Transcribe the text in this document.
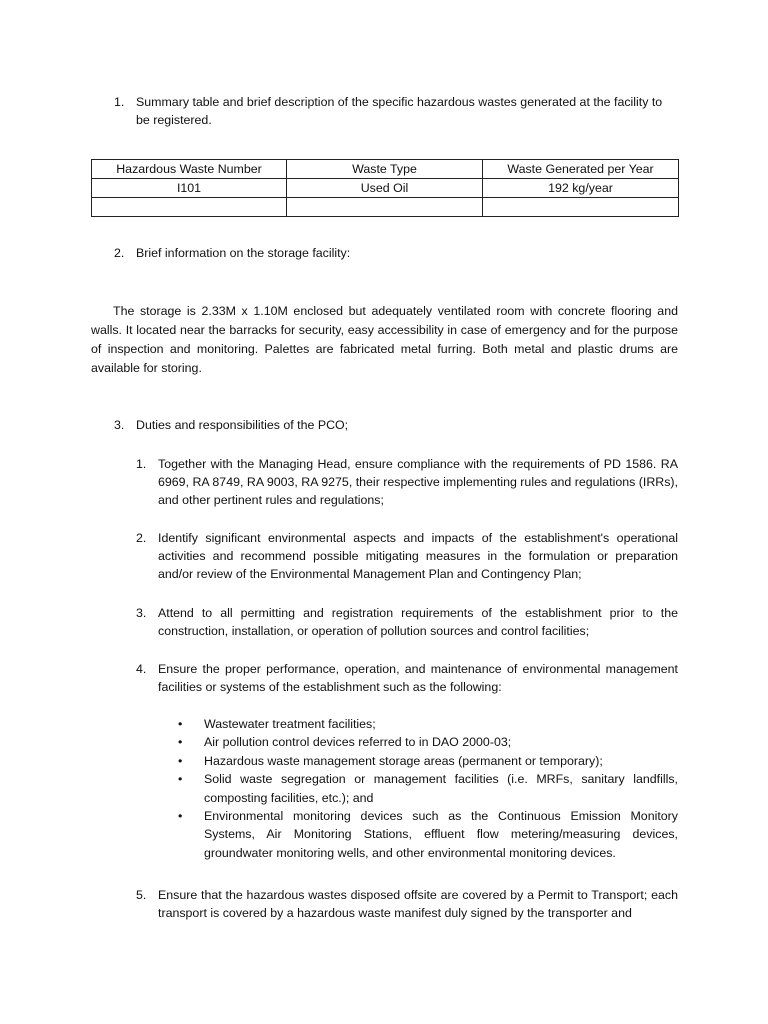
1. Summary table and brief description of the specific hazardous wastes generated at the facility to be registered.
Hazardous Waste Number	Waste Type	Waste Generated per Year
I101	Used Oil	192 kg/year

2. Brief information on the storage facility:
The storage is 2.33M x 1.10M enclosed but adequately ventilated room with concrete flooring and walls. It located near the barracks for security, easy accessibility in case of emergency and for the purpose of inspection and monitoring. Palettes are fabricated metal furring. Both metal and plastic drums are available for storing.
3. Duties and responsibilities of the PCO;
1. Together with the Managing Head, ensure compliance with the requirements of PD 1586. RA 6969, RA 8749, RA 9003, RA 9275, their respective implementing rules and regulations (IRRs), and other pertinent rules and regulations;
2. Identify significant environmental aspects and impacts of the establishment's operational activities and recommend possible mitigating measures in the formulation or preparation and/or review of the Environmental Management Plan and Contingency Plan;
3. Attend to all permitting and registration requirements of the establishment prior to the construction, installation, or operation of pollution sources and control facilities;
4. Ensure the proper performance, operation, and maintenance of environmental management facilities or systems of the establishment such as the following:
• Wastewater treatment facilities;
• Air pollution control devices referred to in DAO 2000-03;
• Hazardous waste management storage areas (permanent or temporary);
• Solid waste segregation or management facilities (i.e. MRFs, sanitary landfills, composting facilities, etc.); and
• Environmental monitoring devices such as the Continuous Emission Monitory Systems, Air Monitoring Stations, effluent flow metering/measuring devices, groundwater monitoring wells, and other environmental monitoring devices.
5. Ensure that the hazardous wastes disposed offsite are covered by a Permit to Transport; each transport is covered by a hazardous waste manifest duly signed by the transporter and
